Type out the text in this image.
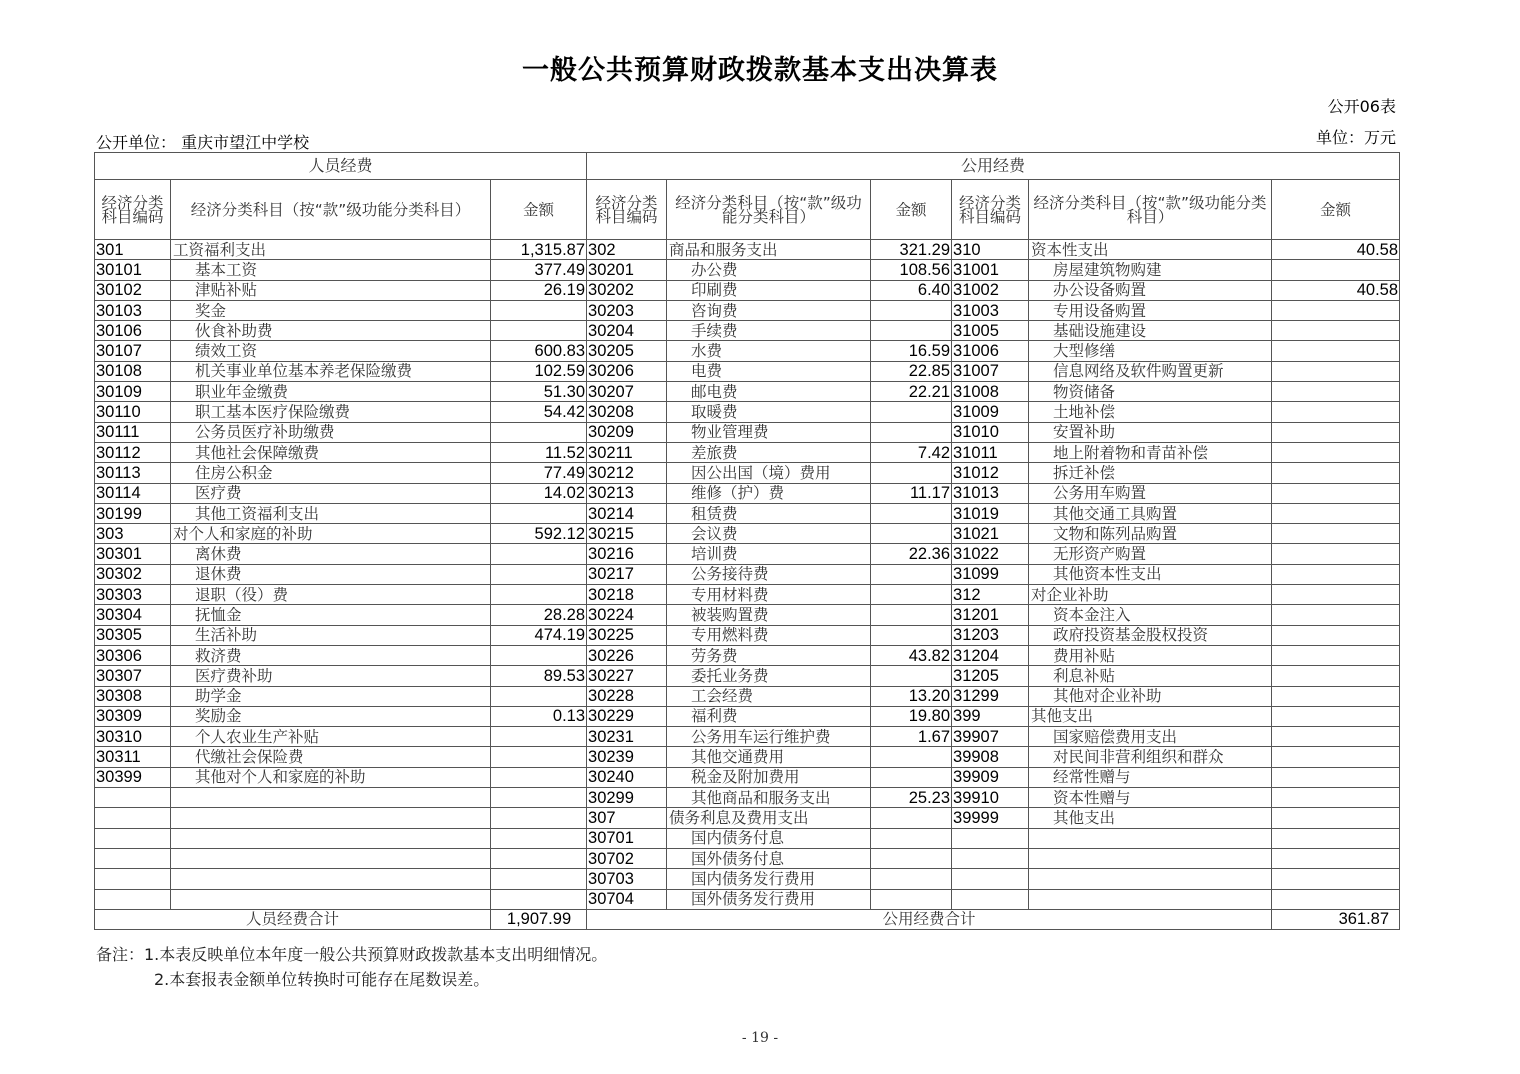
一般公共预算财政拨款基本支出决算表
公开06表
单位：万元
公开单位： 重庆市望江中学校
人员经费			公用经费					
经济分类科目编码	经济分类科目（按“款”级功能分类科目）	金额	经济分类科目编码	经济分类科目（按“款”级功能分类科目）	金额	经济分类科目编码	经济分类科目（按“款”级功能分类科目）	金额
301	工资福利支出	1,315.87	302	商品和服务支出	321.29	310	资本性支出	40.58
30101	基本工资	377.49	30201	办公费	108.56	31001	房屋建筑物购建	
30102	津贴补贴	26.19	30202	印刷费	6.40	31002	办公设备购置	40.58
30103	奖金		30203	咨询费		31003	专用设备购置	
30106	伙食补助费		30204	手续费		31005	基础设施建设	
30107	绩效工资	600.83	30205	水费	16.59	31006	大型修缮	
30108	机关事业单位基本养老保险缴费	102.59	30206	电费	22.85	31007	信息网络及软件购置更新	
30109	职业年金缴费	51.30	30207	邮电费	22.21	31008	物资储备	
30110	职工基本医疗保险缴费	54.42	30208	取暖费		31009	土地补偿	
30111	公务员医疗补助缴费		30209	物业管理费		31010	安置补助	
30112	其他社会保障缴费	11.52	30211	差旅费	7.42	31011	地上附着物和青苗补偿	
30113	住房公积金	77.49	30212	因公出国（境）费用		31012	拆迁补偿	
30114	医疗费	14.02	30213	维修（护）费	11.17	31013	公务用车购置	
30199	其他工资福利支出		30214	租赁费		31019	其他交通工具购置	
303	对个人和家庭的补助	592.12	30215	会议费		31021	文物和陈列品购置	
30301	离休费		30216	培训费	22.36	31022	无形资产购置	
30302	退休费		30217	公务接待费		31099	其他资本性支出	
30303	退职（役）费		30218	专用材料费		312	对企业补助	
30304	抚恤金	28.28	30224	被装购置费		31201	资本金注入	
30305	生活补助	474.19	30225	专用燃料费		31203	政府投资基金股权投资	
30306	救济费		30226	劳务费	43.82	31204	费用补贴	
30307	医疗费补助	89.53	30227	委托业务费		31205	利息补贴	
30308	助学金		30228	工会经费	13.20	31299	其他对企业补助	
30309	奖励金	0.13	30229	福利费	19.80	399	其他支出	
30310	个人农业生产补贴		30231	公务用车运行维护费	1.67	39907	国家赔偿费用支出	
30311	代缴社会保险费		30239	其他交通费用		39908	对民间非营利组织和群众	
30399	其他对个人和家庭的补助		30240	税金及附加费用		39909	经常性赠与	
			30299	其他商品和服务支出	25.23	39910	资本性赠与	
			307	债务利息及费用支出		39999	其他支出	
			30701	国内债务付息				
			30702	国外债务付息				
			30703	国内债务发行费用				
			30704	国外债务发行费用				
人员经费合计		1,907.99	公用经费合计					361.87
备注：1.本表反映单位本年度一般公共预算财政拨款基本支出明细情况。
2.本套报表金额单位转换时可能存在尾数误差。
- 19 -
